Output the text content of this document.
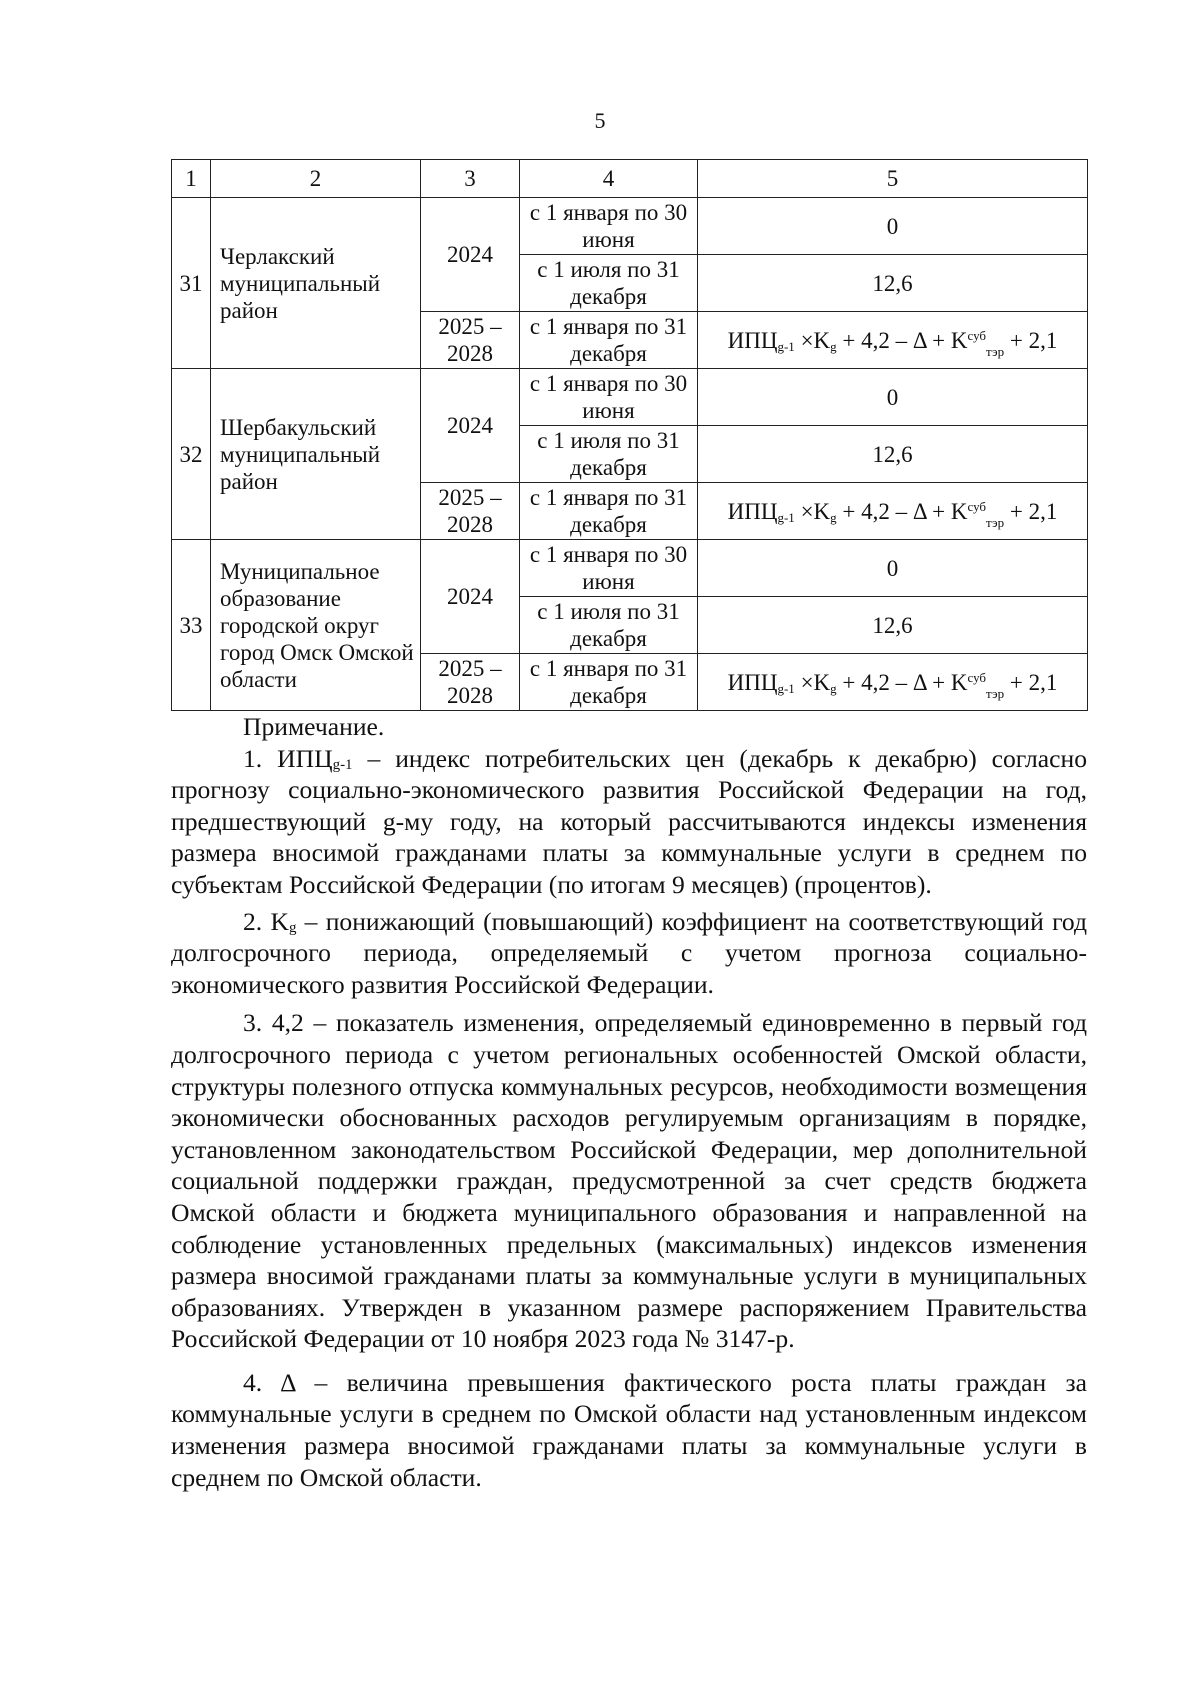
5
1	2	3	4	5
31	Черлакский муниципальный район	2024	с 1 января по 30 июня	0
			с 1 июля по 31 декабря	12,6
		2025 – 2028	с 1 января по 31 декабря	$ИПЦ_{g-1} \times K_g + 4,2 - \Delta + K^{суб}_{тэр} + 2,1$
32	Шербакульский муниципальный район	2024	с 1 января по 30 июня	0
			с 1 июля по 31 декабря	12,6
		2025 – 2028	с 1 января по 31 декабря	$ИПЦ_{g-1} \times K_g + 4,2 - \Delta + K^{суб}_{тэр} + 2,1$
33	Муниципальное образование городской округ город Омск Омской области	2024	с 1 января по 30 июня	0
			с 1 июля по 31 декабря	12,6
		2025 – 2028	с 1 января по 31 декабря	$ИПЦ_{g-1} \times K_g + 4,2 - \Delta + K^{суб}_{тэр} + 2,1$

Примечание.

1. ИПЦg-1 – индекс потребительских цен (декабрь к декабрю) согласно прогнозу социально-экономического развития Российской Федерации на год, предшествующий g-му году, на который рассчитываются индексы изменения размера вносимой гражданами платы за коммунальные услуги в среднем по субъектам Российской Федерации (по итогам 9 месяцев) (процентов).

2. Kg – понижающий (повышающий) коэффициент на соответствующий год долгосрочного периода, определяемый с учетом прогноза социально-экономического развития Российской Федерации.

3. 4,2 – показатель изменения, определяемый единовременно в первый год долгосрочного периода с учетом региональных особенностей Омской области, структуры полезного отпуска коммунальных ресурсов, необходимости возмещения экономически обоснованных расходов регулируемым организациям в порядке, установленном законодательством Российской Федерации, мер дополнительной социальной поддержки граждан, предусмотренной за счет средств бюджета Омской области и бюджета муниципального образования и направленной на соблюдение установленных предельных (максимальных) индексов изменения размера вносимой гражданами платы за коммунальные услуги в муниципальных образованиях. Утвержден в указанном размере распоряжением Правительства Российской Федерации от 10 ноября 2023 года № 3147-р.

4. Δ – величина превышения фактического роста платы граждан за коммунальные услуги в среднем по Омской области над установленным индексом изменения размера вносимой гражданами платы за коммунальные услуги в среднем по Омской области.
